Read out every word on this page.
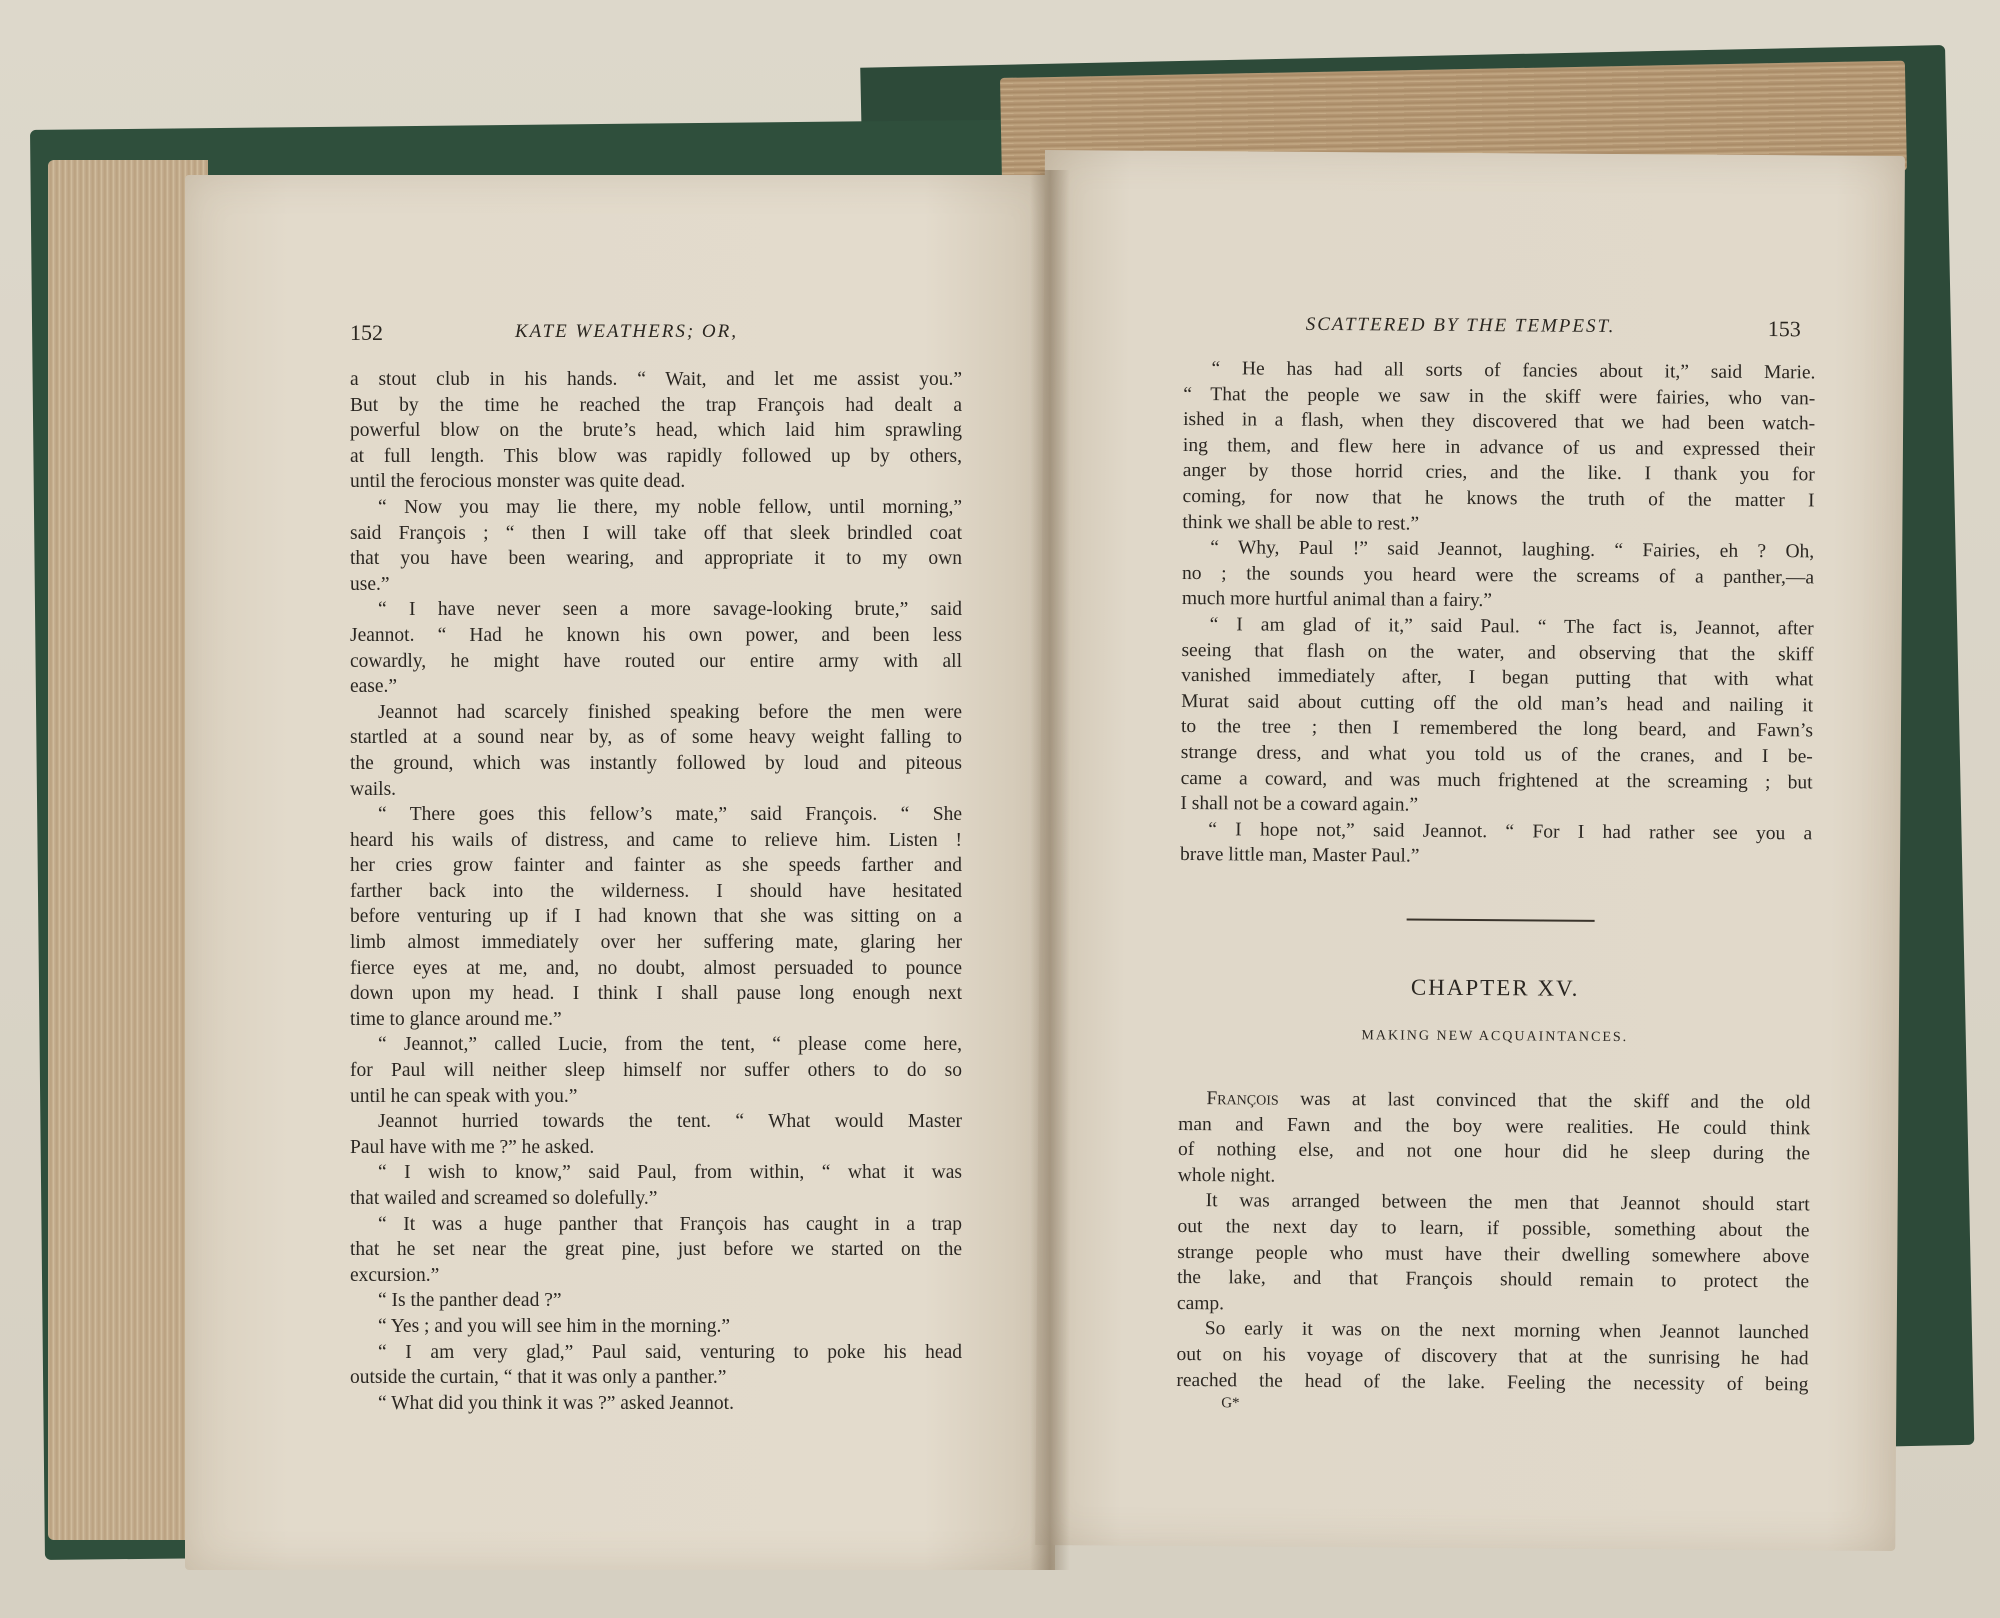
152	KATE WEATHERS; OR,

a stout club in his hands. “ Wait, and let me assist you.”

But by the time he reached the trap François had dealt a

powerful blow on the brute’s head, which laid him sprawling

at full length. This blow was rapidly followed up by others,

until the ferocious monster was quite dead.

“ Now you may lie there, my noble fellow, until morning,”

said François ; “ then I will take off that sleek brindled coat

that you have been wearing, and appropriate it to my own

use.”

“ I have never seen a more savage-looking brute,” said

Jeannot. “ Had he known his own power, and been less

cowardly, he might have routed our entire army with all

ease.”

Jeannot had scarcely finished speaking before the men were

startled at a sound near by, as of some heavy weight falling to

the ground, which was instantly followed by loud and piteous

wails.

“ There goes this fellow’s mate,” said François. “ She

heard his wails of distress, and came to relieve him. Listen !

her cries grow fainter and fainter as she speeds farther and

farther back into the wilderness. I should have hesitated

before venturing up if I had known that she was sitting on a

limb almost immediately over her suffering mate, glaring her

fierce eyes at me, and, no doubt, almost persuaded to pounce

down upon my head. I think I shall pause long enough next

time to glance around me.”

“ Jeannot,” called Lucie, from the tent, “ please come here,

for Paul will neither sleep himself nor suffer others to do so

until he can speak with you.”

Jeannot hurried towards the tent. “ What would Master

Paul have with me ?” he asked.

“ I wish to know,” said Paul, from within, “ what it was

that wailed and screamed so dolefully.”

“ It was a huge panther that François has caught in a trap

that he set near the great pine, just before we started on the

excursion.”

“ Is the panther dead ?”

“ Yes ; and you will see him in the morning.”

“ I am very glad,” Paul said, venturing to poke his head

outside the curtain, “ that it was only a panther.”

“ What did you think it was ?” asked Jeannot.

SCATTERED BY THE TEMPEST.	153

“ He has had all sorts of fancies about it,” said Marie.

“ That the people we saw in the skiff were fairies, who van-

ished in a flash, when they discovered that we had been watch-

ing them, and flew here in advance of us and expressed their

anger by those horrid cries, and the like. I thank you for

coming, for now that he knows the truth of the matter I

think we shall be able to rest.”

“ Why, Paul !” said Jeannot, laughing. “ Fairies, eh ? Oh,

no ; the sounds you heard were the screams of a panther,—a

much more hurtful animal than a fairy.”

“ I am glad of it,” said Paul. “ The fact is, Jeannot, after

seeing that flash on the water, and observing that the skiff

vanished immediately after, I began putting that with what

Murat said about cutting off the old man’s head and nailing it

to the tree ; then I remembered the long beard, and Fawn’s

strange dress, and what you told us of the cranes, and I be-

came a coward, and was much frightened at the screaming ; but

I shall not be a coward again.”

“ I hope not,” said Jeannot. “ For I had rather see you a

brave little man, Master Paul.”

CHAPTER XV.
MAKING NEW ACQUAINTANCES.

François was at last convinced that the skiff and the old

man and Fawn and the boy were realities. He could think

of nothing else, and not one hour did he sleep during the

whole night.

It was arranged between the men that Jeannot should start

out the next day to learn, if possible, something about the

strange people who must have their dwelling somewhere above

the lake, and that François should remain to protect the

camp.

So early it was on the next morning when Jeannot launched

out on his voyage of discovery that at the sunrising he had

reached the head of the lake. Feeling the necessity of being

G*
